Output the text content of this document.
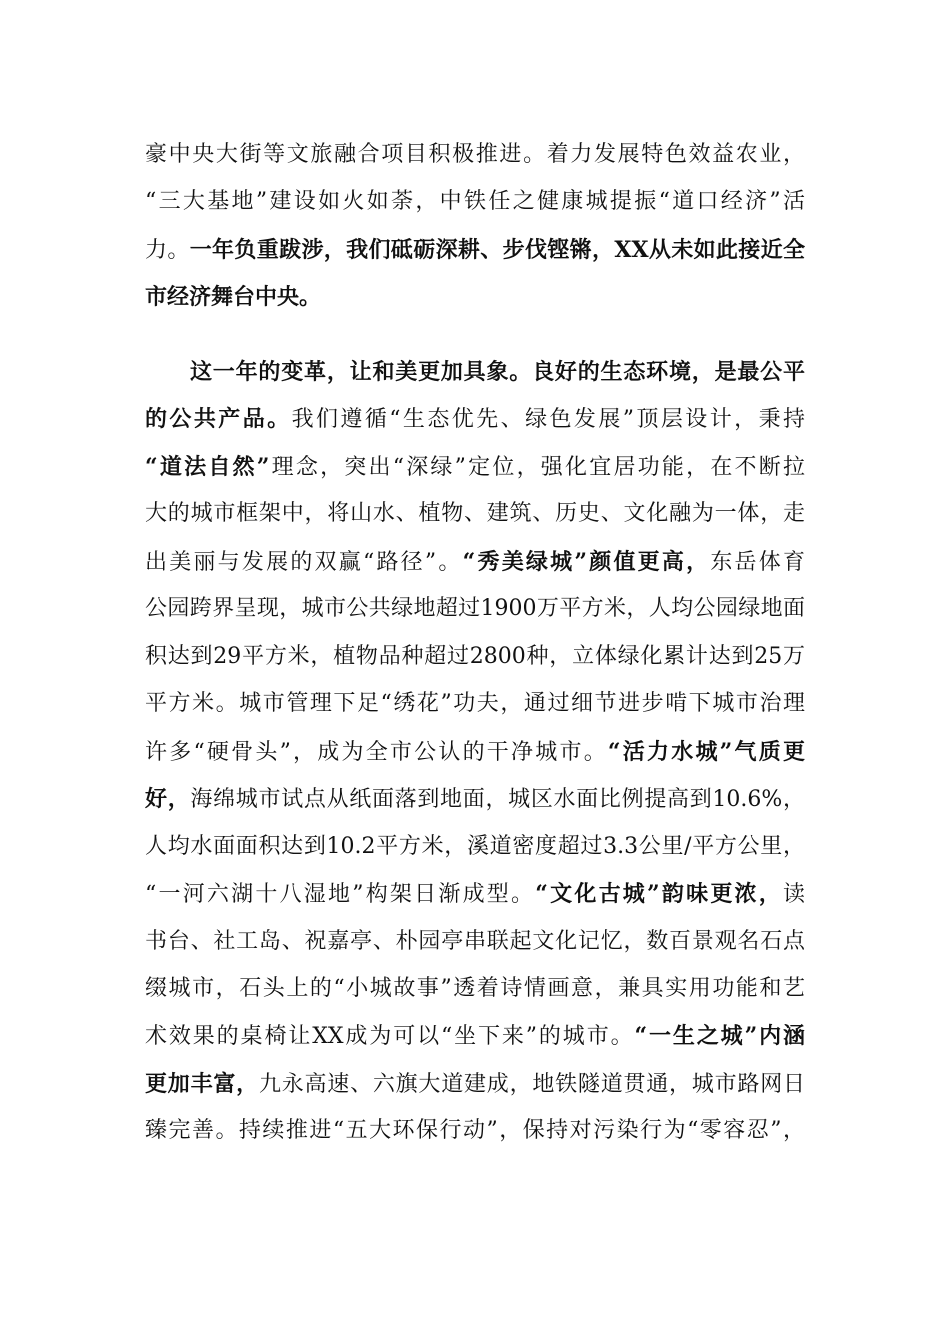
豪中央大街等文旅融合项目积极推进。着力发展特色效益农业，
“三大基地”建设如火如荼，中铁任之健康城提振“道口经济”活
力。一年负重跋涉，我们砥砺深耕、步伐铿锵，XX从未如此接近全
市经济舞台中央。
这一年的变革，让和美更加具象。良好的生态环境，是最公平
的公共产品。我们遵循“生态优先、绿色发展”顶层设计，秉持
“道法自然”理念，突出“深绿”定位，强化宜居功能，在不断拉
大的城市框架中，将山水、植物、建筑、历史、文化融为一体，走
出美丽与发展的双赢“路径”。“秀美绿城”颜值更高，东岳体育
公园跨界呈现，城市公共绿地超过1900万平方米，人均公园绿地面
积达到29平方米，植物品种超过2800种，立体绿化累计达到25万
平方米。城市管理下足“绣花”功夫，通过细节进步啃下城市治理
许多“硬骨头”，成为全市公认的干净城市。“活力水城”气质更
好，海绵城市试点从纸面落到地面，城区水面比例提高到10.6%，
人均水面面积达到10.2平方米，溪道密度超过3.3公里/平方公里，
“一河六湖十八湿地”构架日渐成型。“文化古城”韵味更浓，读
书台、社工岛、祝嘉亭、朴园亭串联起文化记忆，数百景观名石点
缀城市，石头上的“小城故事”透着诗情画意，兼具实用功能和艺
术效果的桌椅让XX成为可以“坐下来”的城市。“一生之城”内涵
更加丰富，九永高速、六旗大道建成，地铁隧道贯通，城市路网日
臻完善。持续推进“五大环保行动”，保持对污染行为“零容忍”，
